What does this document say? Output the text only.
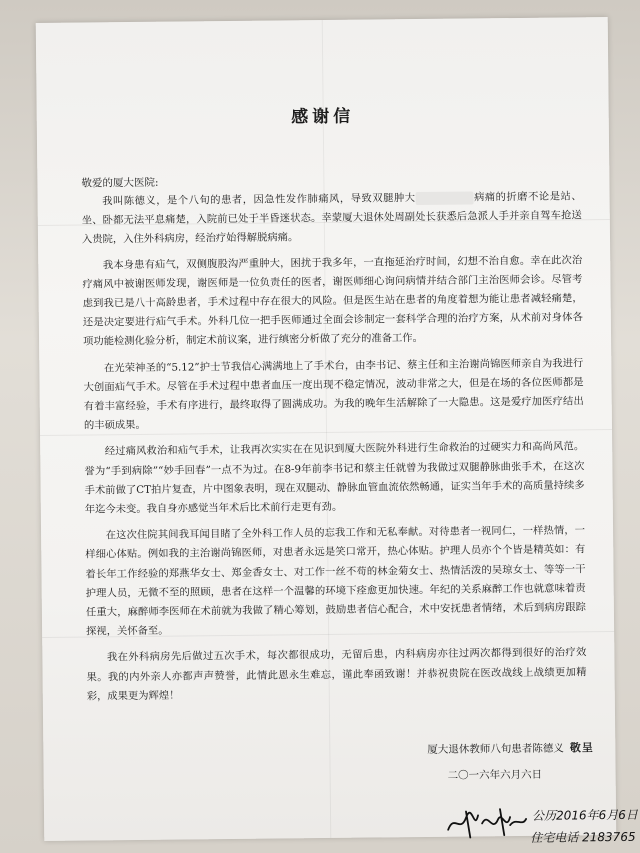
感谢信
敬爱的厦大医院:

我叫陈德义，是个八旬的患者，因急性发作肺痛风，导致双腿肿大	病痛的折磨不论是站、坐、卧都无法平息痛楚，入院前已处于半昏迷状态。幸蒙厦大退休处周副处长获悉后急派人手并亲自驾车抢送入贵院，入住外科病房，经治疗始得解脱病痛。

我本身患有疝气，双侧腹股沟严重肿大，困扰于我多年，一直拖延治疗时间，幻想不治自愈。幸在此次治疗痛风中被谢医师发现，谢医师是一位负责任的医者，谢医师细心询问病情并结合部门主治医师会诊。尽管考虑到我已是八十高龄患者，手术过程中存在很大的风险。但是医生站在患者的角度着想为能让患者减轻痛楚，还是决定要进行疝气手术。外科几位一把手医师通过全面会诊制定一套科学合理的治疗方案，从术前对身体各项功能检测化验分析，制定术前议案，进行缜密分析做了充分的准备工作。

在光荣神圣的“5.12”护士节我信心满满地上了手术台，由李书记、蔡主任和主治谢尚锦医师亲自为我进行大创面疝气手术。尽管在手术过程中患者血压一度出现不稳定情况，波动非常之大，但是在场的各位医师都是有着丰富经验，手术有序进行，最终取得了圆满成功。为我的晚年生活解除了一大隐患。这是爱疗加医疗结出的丰硕成果。

经过痛风救治和疝气手术，让我再次实实在在见识到厦大医院外科进行生命救治的过硬实力和高尚风范。誉为“手到病除”“妙手回春”一点不为过。在8-9年前李书记和蔡主任就曾为我做过双腿静脉曲张手术，在这次手术前做了CT拍片复查，片中图象表明，现在双腿动、静脉血管血流依然畅通，证实当年手术的高质量持续多年迄今未变。我自身亦感觉当年术后比术前行走更有劲。

在这次住院其间我耳闻目睹了全外科工作人员的忘我工作和无私奉献。对待患者一视同仁，一样热情，一样细心体贴。例如我的主治谢尚锦医师，对患者永远是笑口常开，热心体贴。护理人员亦个个皆是精英如：有着长年工作经验的郑燕华女士、郑金香女士、对工作一丝不苟的林金菊女士、热情活泼的吴琼女士、等等一干护理人员，无微不至的照顾，患者在这样一个温馨的环境下痊愈更加快速。年纪的关系麻醉工作也就意味着责任重大，麻醉师李医师在术前就为我做了精心筹划，鼓励患者信心配合，术中安抚患者情绪，术后到病房跟踪探视，关怀备至。

我在外科病房先后做过五次手术，每次都很成功，无留后患，内科病房亦往过两次都得到很好的治疗效果。我的内外亲人亦都声声赞誉，此情此恩永生难忘，谨此奉函致谢！并恭祝贵院在医改战线上战绩更加精彩，成果更为辉煌！

厦大退休教师八旬患者陈德义 敬呈
二〇一六年六月六日
公历2016年6月6日
住宅电话 2183765
